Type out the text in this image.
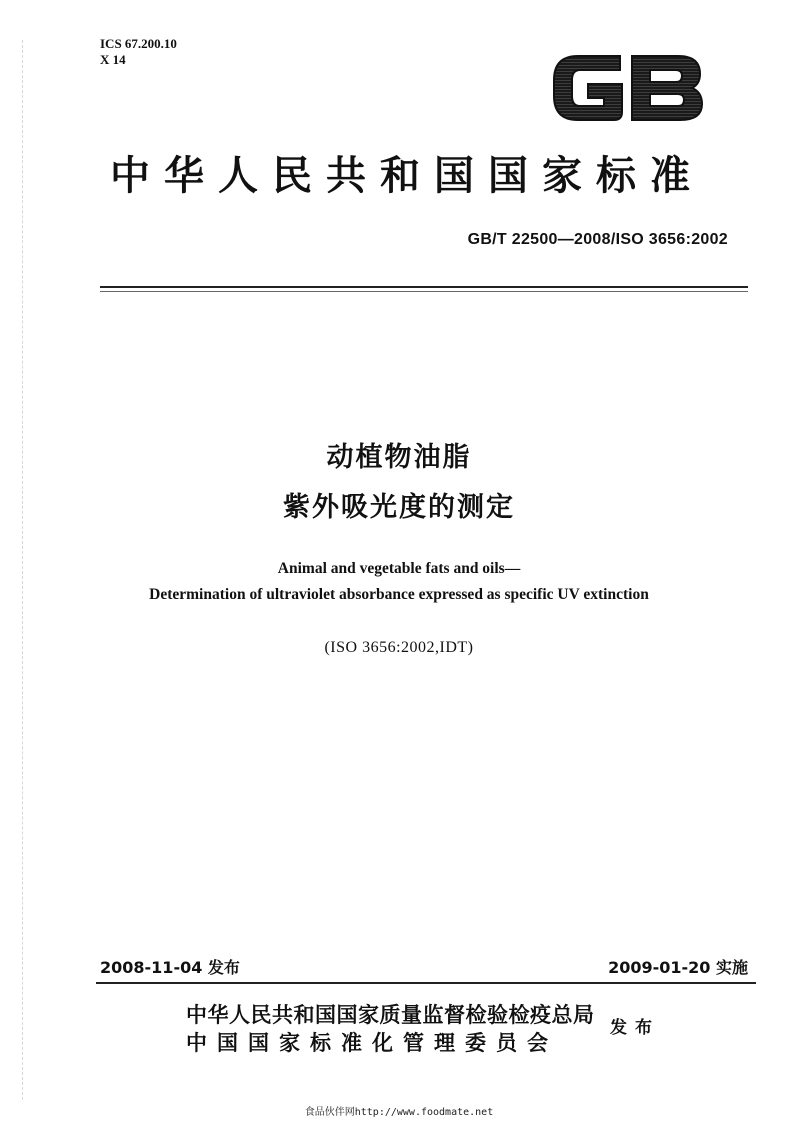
ICS 67.200.10
X 14
中华人民共和国国家标准
GB/T 22500—2008/ISO 3656:2002
动植物油脂
紫外吸光度的测定
Animal and vegetable fats and oils—
Determination of ultraviolet absorbance expressed as specific UV extinction
(ISO 3656:2002,IDT)
2008-11-04 发布	2009-01-20 实施
中华人民共和国国家质量监督检验检疫总局
中国国家标准化管理委员会
发布
食品伙伴网http://www.foodmate.net
